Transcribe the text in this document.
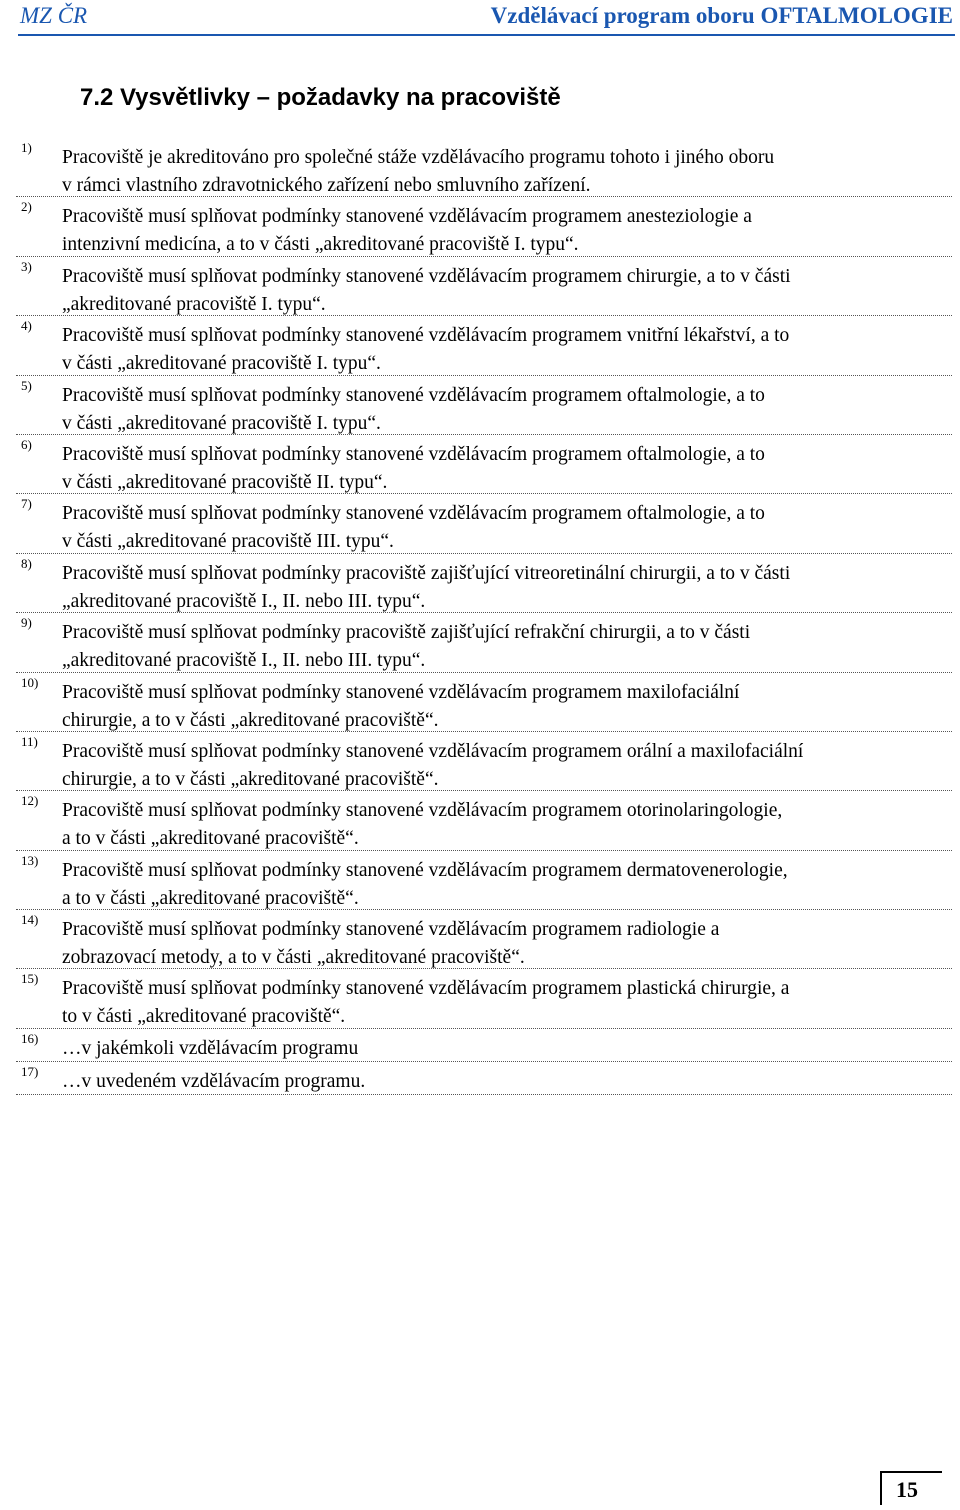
MZ ČR	Vzdělávací program oboru OFTALMOLOGIE
7.2 Vysvětlivky – požadavky na pracoviště
1) Pracoviště je akreditováno pro společné stáže vzdělávacího programu tohoto i jiného oboru
v rámci vlastního zdravotnického zařízení nebo smluvního zařízení.
2) Pracoviště musí splňovat podmínky stanovené vzdělávacím programem anesteziologie a
intenzivní medicína, a to v části „akreditované pracoviště I. typu“.
3) Pracoviště musí splňovat podmínky stanovené vzdělávacím programem chirurgie, a to v části
„akreditované pracoviště I. typu“.
4) Pracoviště musí splňovat podmínky stanovené vzdělávacím programem vnitřní lékařství, a to
v části „akreditované pracoviště I. typu“.
5) Pracoviště musí splňovat podmínky stanovené vzdělávacím programem oftalmologie, a to
v části „akreditované pracoviště I. typu“.
6) Pracoviště musí splňovat podmínky stanovené vzdělávacím programem oftalmologie, a to
v části „akreditované pracoviště II. typu“.
7) Pracoviště musí splňovat podmínky stanovené vzdělávacím programem oftalmologie, a to
v části „akreditované pracoviště III. typu“.
8) Pracoviště musí splňovat podmínky pracoviště zajišťující vitreoretinální chirurgii, a to v části
„akreditované pracoviště I., II. nebo III. typu“.
9) Pracoviště musí splňovat podmínky pracoviště zajišťující refrakční chirurgii, a to v části
„akreditované pracoviště I., II. nebo III. typu“.
10) Pracoviště musí splňovat podmínky stanovené vzdělávacím programem maxilofaciální
chirurgie, a to v části „akreditované pracoviště“.
11) Pracoviště musí splňovat podmínky stanovené vzdělávacím programem orální a maxilofaciální
chirurgie, a to v části „akreditované pracoviště“.
12) Pracoviště musí splňovat podmínky stanovené vzdělávacím programem otorinolaringologie,
a to v části „akreditované pracoviště“.
13) Pracoviště musí splňovat podmínky stanovené vzdělávacím programem dermatovenerologie,
a to v části „akreditované pracoviště“.
14) Pracoviště musí splňovat podmínky stanovené vzdělávacím programem radiologie a
zobrazovací metody, a to v části „akreditované pracoviště“.
15) Pracoviště musí splňovat podmínky stanovené vzdělávacím programem plastická chirurgie, a
to v části „akreditované pracoviště“.
16) …v jakémkoli vzdělávacím programu
17) …v uvedeném vzdělávacím programu.
15
